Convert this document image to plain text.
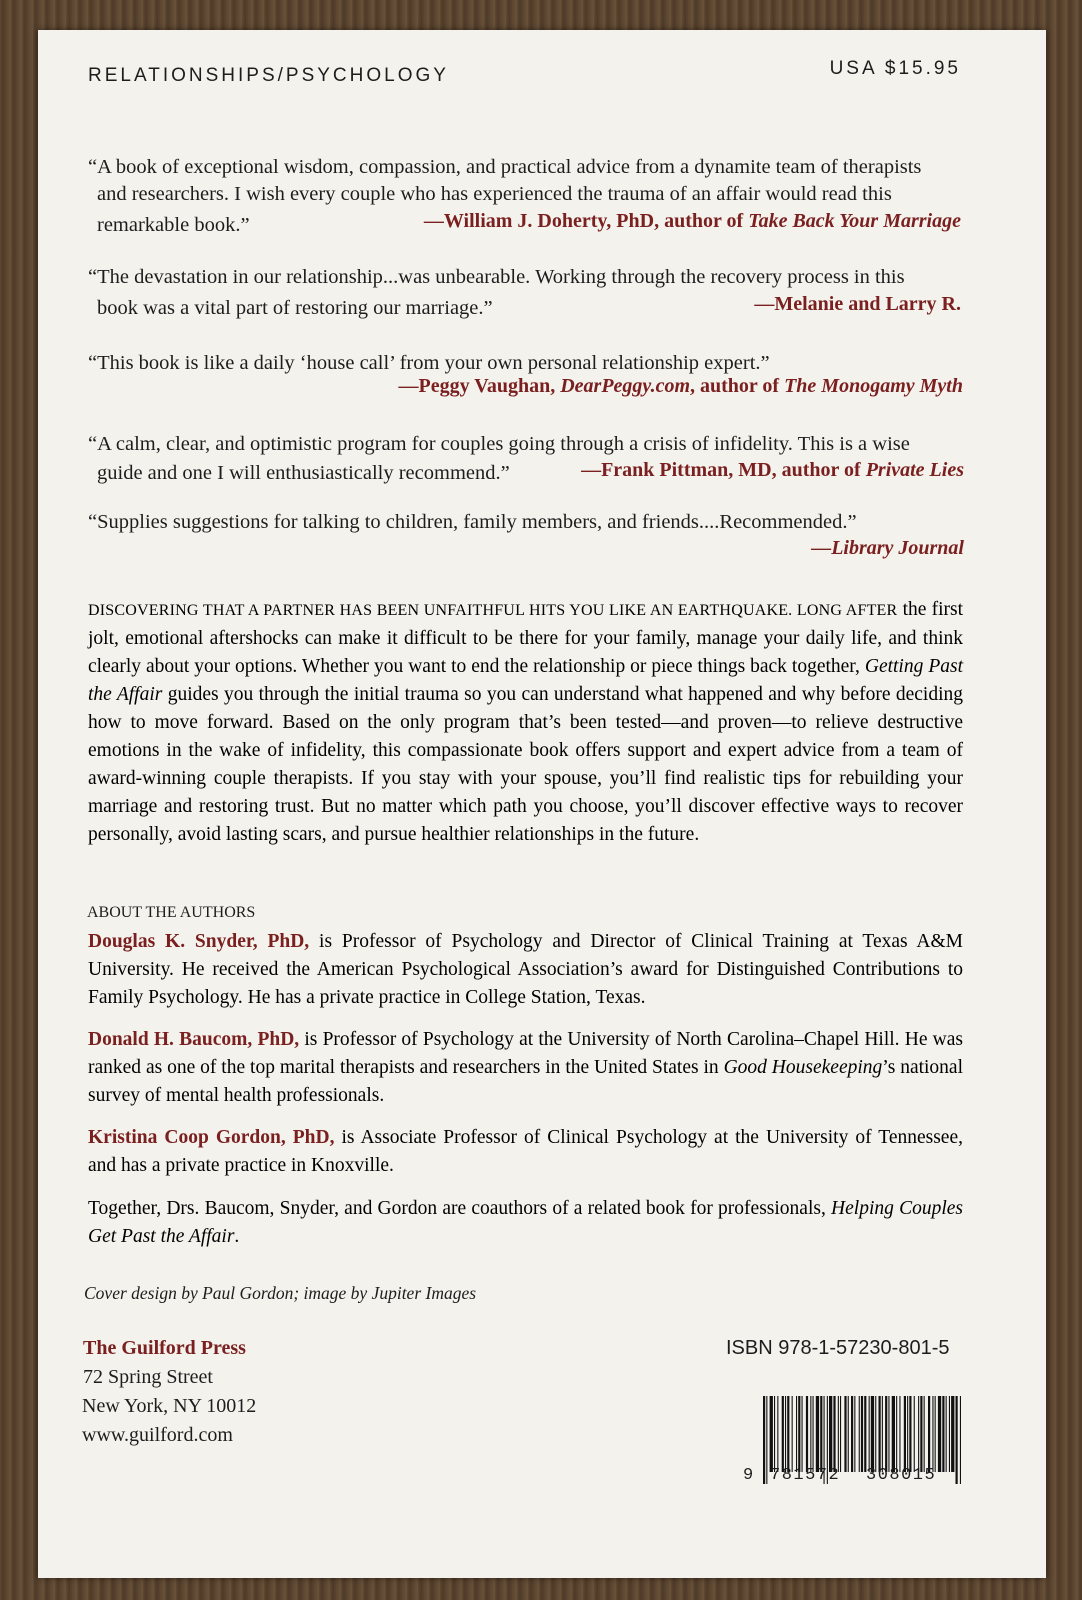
RELATIONSHIPS/PSYCHOLOGY	USA $15.95
“A book of exceptional wisdom, compassion, and practical advice from a dynamite team of therapists
and researchers. I wish every couple who has experienced the trauma of an affair would read this
remarkable book.”	—William J. Doherty, PhD, author of Take Back Your Marriage
“The devastation in our relationship...was unbearable. Working through the recovery process in this
book was a vital part of restoring our marriage.”	—Melanie and Larry R.
“This book is like a daily ‘house call’ from your own personal relationship expert.”
—Peggy Vaughan, DearPeggy.com, author of The Monogamy Myth
“A calm, clear, and optimistic program for couples going through a crisis of infidelity. This is a wise
guide and one I will enthusiastically recommend.”	—Frank Pittman, MD, author of Private Lies
“Supplies suggestions for talking to children, family members, and friends....Recommended.”
—Library Journal
DISCOVERING THAT A PARTNER HAS BEEN UNFAITHFUL HITS YOU LIKE AN EARTHQUAKE. LONG AFTER the first jolt, emotional aftershocks can make it difficult to be there for your family, manage your daily life, and think clearly about your options. Whether you want to end the relationship or piece things back together, Getting Past the Affair guides you through the initial trauma so you can understand what happened and why before deciding how to move forward. Based on the only program that’s been tested—and proven—to relieve destructive emotions in the wake of infidelity, this compassionate book offers support and expert advice from a team of award-winning couple therapists. If you stay with your spouse, you’ll find realistic tips for rebuilding your marriage and restoring trust. But no matter which path you choose, you’ll discover effective ways to recover personally, avoid lasting scars, and pursue healthier relationships in the future.
ABOUT THE AUTHORS
Douglas K. Snyder, PhD, is Professor of Psychology and Director of Clinical Training at Texas A&M University. He received the American Psychological Association’s award for Distinguished Contributions to Family Psychology. He has a private practice in College Station, Texas.
Donald H. Baucom, PhD, is Professor of Psychology at the University of North Carolina–Chapel Hill. He was ranked as one of the top marital therapists and researchers in the United States in Good Housekeeping’s national survey of mental health professionals.
Kristina Coop Gordon, PhD, is Associate Professor of Clinical Psychology at the University of Tennessee, and has a private practice in Knoxville.
Together, Drs. Baucom, Snyder, and Gordon are coauthors of a related book for professionals, Helping Couples Get Past the Affair.
Cover design by Paul Gordon; image by Jupiter Images
The Guilford Press
72 Spring Street
New York, NY 10012
www.guilford.com
ISBN 978-1-57230-801-5
9 781572 308015
